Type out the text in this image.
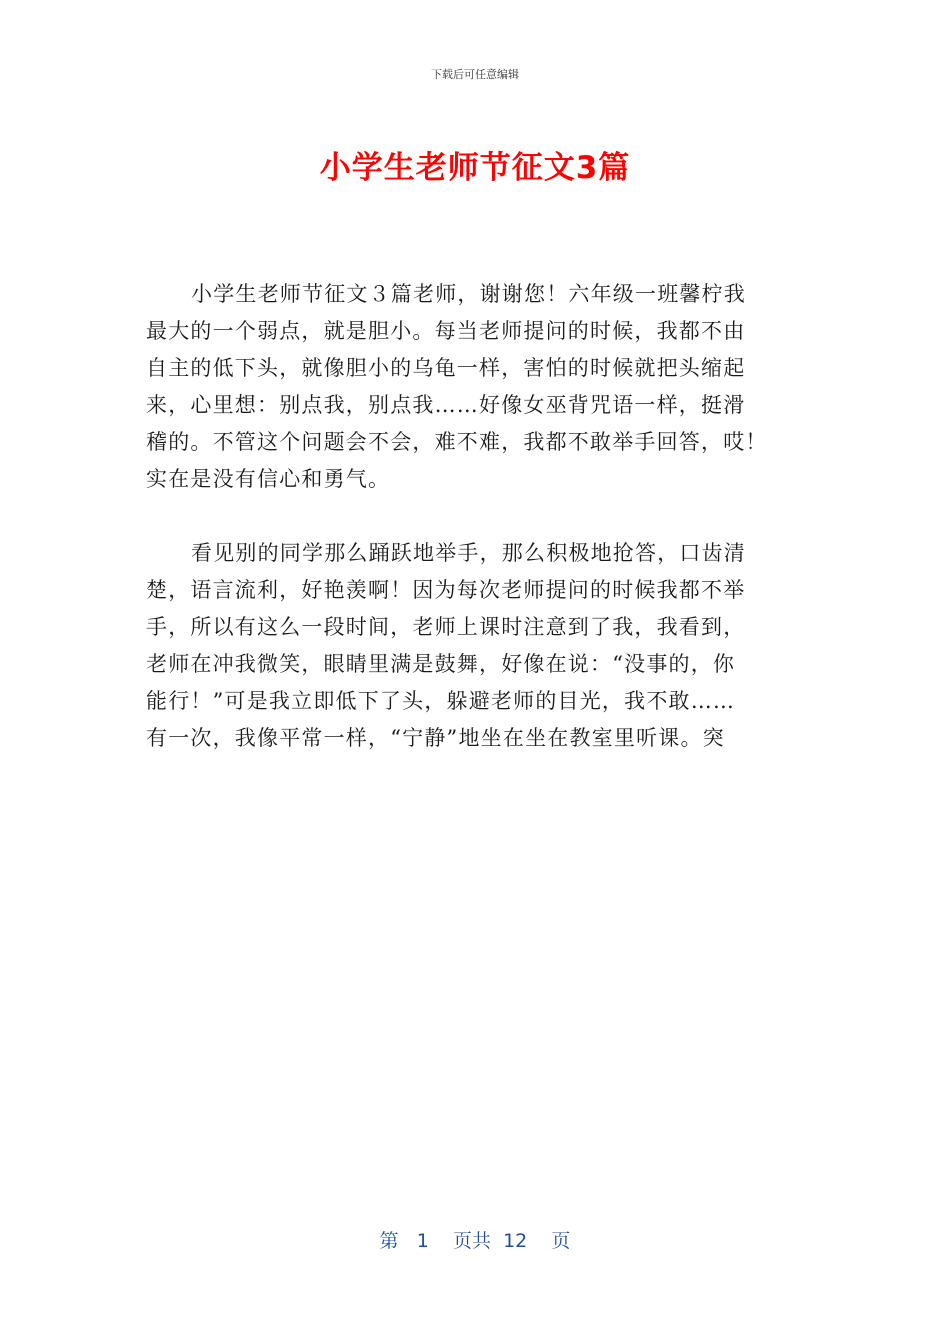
下载后可任意编辑
小学生老师节征文3篇
小学生老师节征文３篇老师，谢谢您！六年级一班馨柠我
最大的一个弱点，就是胆小。每当老师提问的时候，我都不由
自主的低下头，就像胆小的乌龟一样，害怕的时候就把头缩起
来，心里想：别点我，别点我……好像女巫背咒语一样，挺滑
稽的。不管这个问题会不会，难不难，我都不敢举手回答，哎！
实在是没有信心和勇气。
看见别的同学那么踊跃地举手，那么积极地抢答，口齿清
楚，语言流利，好艳羡啊！因为每次老师提问的时候我都不举
手，所以有这么一段时间，老师上课时注意到了我，我看到，
老师在冲我微笑，眼睛里满是鼓舞，好像在说：“没事的，你
能行！”可是我立即低下了头，躲避老师的目光，我不敢……
有一次，我像平常一样，“宁静”地坐在坐在教室里听课。突
第 1 页共 12 页
